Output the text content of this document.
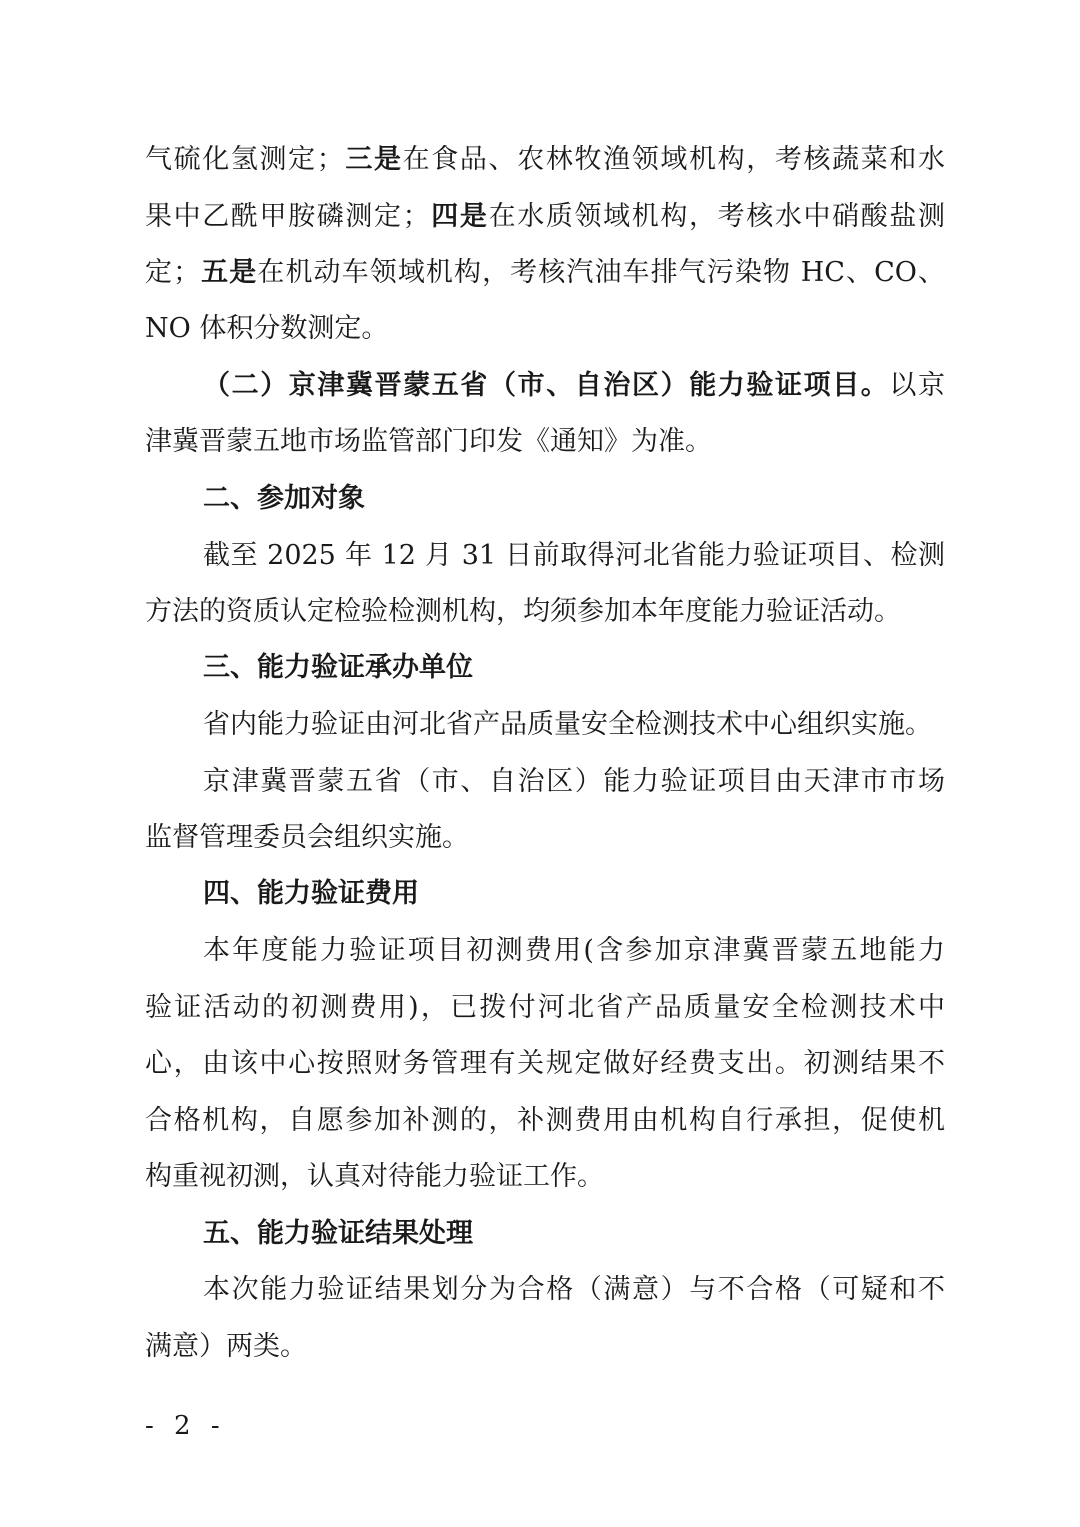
气硫化氢测定；三是在食品、农林牧渔领域机构，考核蔬菜和水
果中乙酰甲胺磷测定；四是在水质领域机构，考核水中硝酸盐测
定；五是在机动车领域机构，考核汽油车排气污染物 HC、CO、
NO 体积分数测定。
（二）京津冀晋蒙五省（市、自治区）能力验证项目。以京
津冀晋蒙五地市场监管部门印发《通知》为准。
二、参加对象
截至 2025 年 12 月 31 日前取得河北省能力验证项目、检测
方法的资质认定检验检测机构，均须参加本年度能力验证活动。
三、能力验证承办单位
省内能力验证由河北省产品质量安全检测技术中心组织实施。
京津冀晋蒙五省（市、自治区）能力验证项目由天津市市场
监督管理委员会组织实施。
四、能力验证费用
本年度能力验证项目初测费用(含参加京津冀晋蒙五地能力
验证活动的初测费用)，已拨付河北省产品质量安全检测技术中
心，由该中心按照财务管理有关规定做好经费支出。初测结果不
合格机构，自愿参加补测的，补测费用由机构自行承担，促使机
构重视初测，认真对待能力验证工作。
五、能力验证结果处理
本次能力验证结果划分为合格（满意）与不合格（可疑和不
满意）两类。
- 2 -
